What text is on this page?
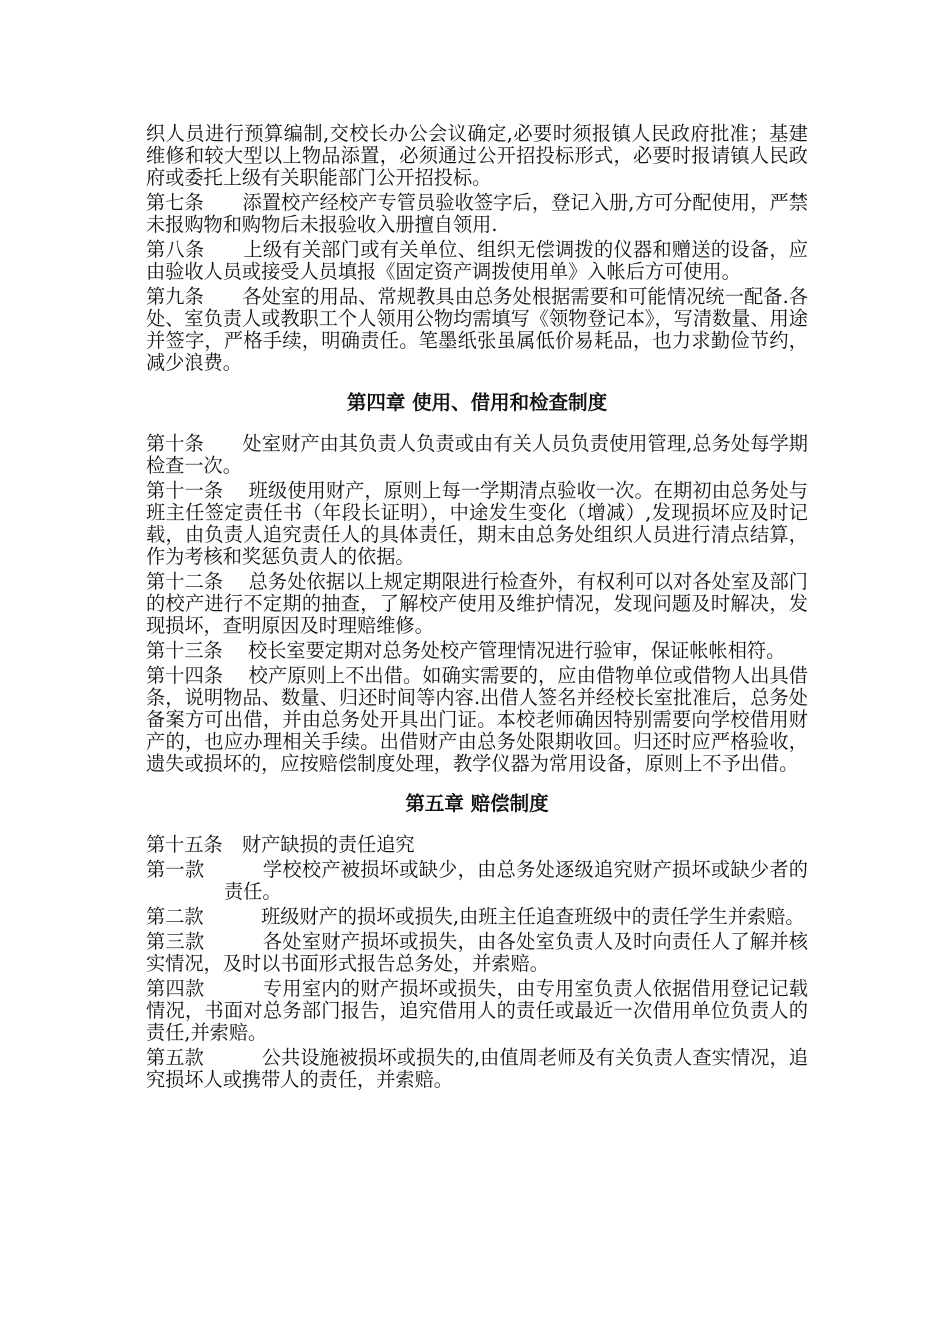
织人员进行预算编制,交校长办公会议确定,必要时须报镇人民政府批准；基建维修和较大型以上物品添置，必须通过公开招投标形式，必要时报请镇人民政府或委托上级有关职能部门公开招投标。

第七条　　添置校产经校产专管员验收签字后，登记入册,方可分配使用，严禁未报购物和购物后未报验收入册擅自领用.

第八条　　上级有关部门或有关单位、组织无偿调拨的仪器和赠送的设备，应由验收人员或接受人员填报《固定资产调拨使用单》入帐后方可使用。

第九条　　各处室的用品、常规教具由总务处根据需要和可能情况统一配备.各处、室负责人或教职工个人领用公物均需填写《领物登记本》，写清数量、用途并签字，严格手续，明确责任。笔墨纸张虽属低价易耗品，也力求勤俭节约，减少浪费。

第四章 使用、借用和检查制度

第十条　　处室财产由其负责人负责或由有关人员负责使用管理,总务处每学期检查一次。

第十一条　 班级使用财产，原则上每一学期清点验收一次。在期初由总务处与班主任签定责任书（年段长证明），中途发生变化（增减）,发现损坏应及时记载，由负责人追究责任人的具体责任，期末由总务处组织人员进行清点结算，作为考核和奖惩负责人的依据。

第十二条　 总务处依据以上规定期限进行检查外，有权利可以对各处室及部门的校产进行不定期的抽查，了解校产使用及维护情况，发现问题及时解决，发现损坏，查明原因及时理赔维修。

第十三条　 校长室要定期对总务处校产管理情况进行验审，保证帐帐相符。

第十四条　 校产原则上不出借。如确实需要的，应由借物单位或借物人出具借条，说明物品、数量、归还时间等内容.出借人签名并经校长室批准后，总务处备案方可出借，并由总务处开具出门证。本校老师确因特别需要向学校借用财产的，也应办理相关手续。出借财产由总务处限期收回。归还时应严格验收，遗失或损坏的，应按赔偿制度处理，教学仪器为常用设备，原则上不予出借。

第五章 赔偿制度

第十五条　财产缺损的责任追究

第一款　　　学校校产被损坏或缺少，由总务处逐级追究财产损坏或缺少者的责任。

第二款　　　班级财产的损坏或损失,由班主任追查班级中的责任学生并索赔。

第三款　　　各处室财产损坏或损失，由各处室负责人及时向责任人了解并核实情况，及时以书面形式报告总务处，并索赔。

第四款　　　专用室内的财产损坏或损失，由专用室负责人依据借用登记记载情况，书面对总务部门报告，追究借用人的责任或最近一次借用单位负责人的责任,并索赔。

第五款　　　公共设施被损坏或损失的,由值周老师及有关负责人查实情况，追究损坏人或携带人的责任，并索赔。
